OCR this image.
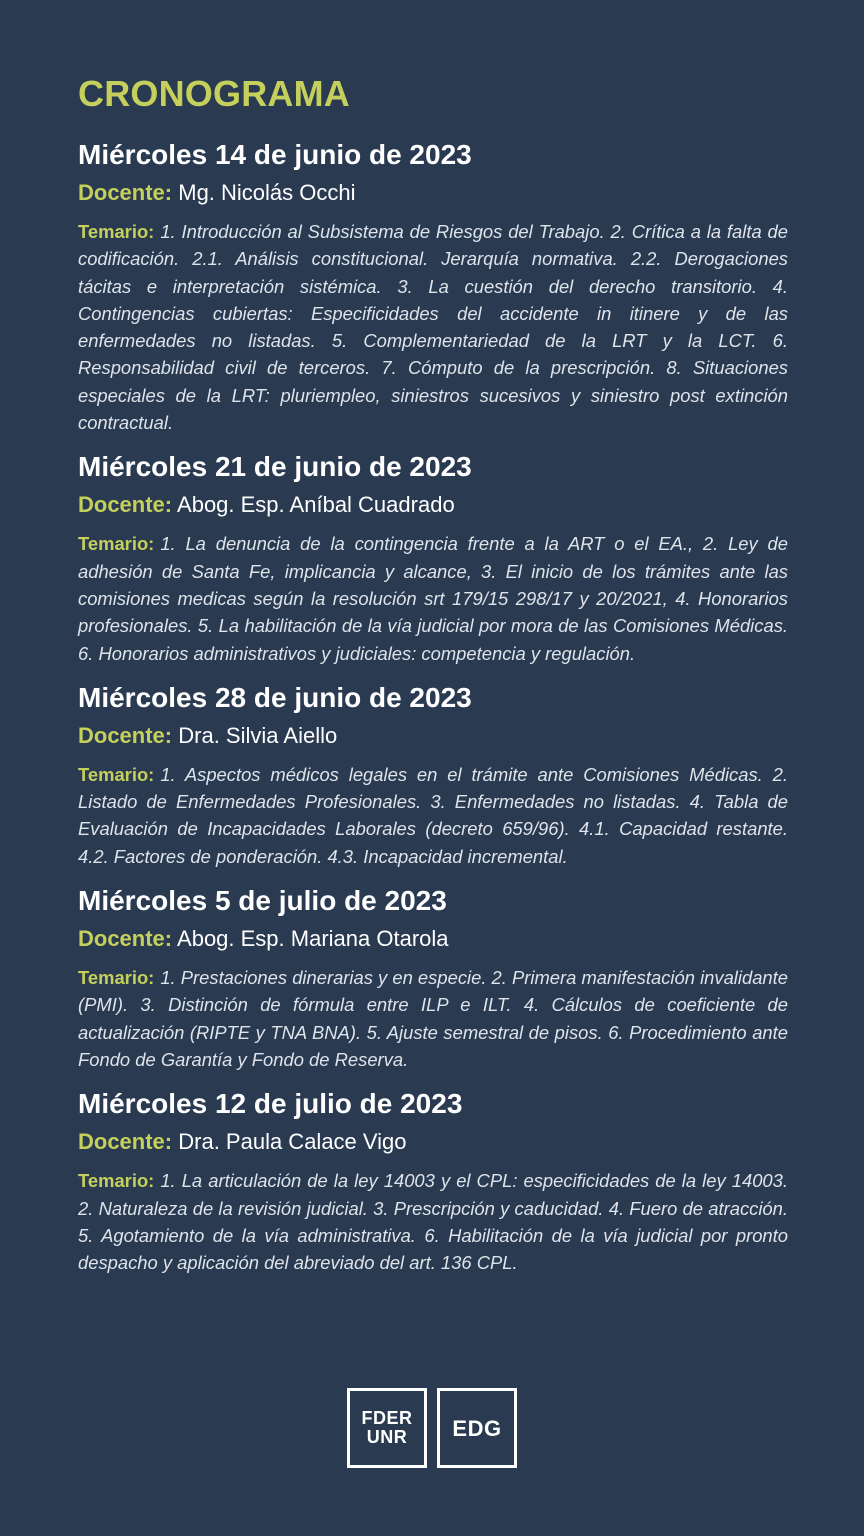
CRONOGRAMA
Miércoles 14 de junio de 2023
Docente: Mg. Nicolás Occhi

Temario: 1. Introducción al Subsistema de Riesgos del Trabajo. 2. Crítica a la falta de codificación. 2.1. Análisis constitucional. Jerarquía normativa. 2.2. Derogaciones tácitas e interpretación sistémica. 3. La cuestión del derecho transitorio. 4. Contingencias cubiertas: Especificidades del accidente in itinere y de las enfermedades no listadas. 5. Complementariedad de la LRT y la LCT. 6. Responsabilidad civil de terceros. 7. Cómputo de la prescripción. 8. Situaciones especiales de la LRT: pluriempleo, siniestros sucesivos y siniestro post extinción contractual.

Miércoles 21 de junio de 2023
Docente: Abog. Esp. Aníbal Cuadrado

Temario: 1. La denuncia de la contingencia frente a la ART o el EA., 2. Ley de adhesión de Santa Fe, implicancia y alcance, 3. El inicio de los trámites ante las comisiones medicas según la resolución srt 179/15 298/17 y 20/2021, 4. Honorarios profesionales. 5. La habilitación de la vía judicial por mora de las Comisiones Médicas. 6. Honorarios administrativos y judiciales: competencia y regulación.

Miércoles 28 de junio de 2023
Docente: Dra. Silvia Aiello

Temario: 1. Aspectos médicos legales en el trámite ante Comisiones Médicas. 2. Listado de Enfermedades Profesionales. 3. Enfermedades no listadas. 4. Tabla de Evaluación de Incapacidades Laborales (decreto 659/96). 4.1. Capacidad restante. 4.2. Factores de ponderación. 4.3. Incapacidad incremental.

Miércoles 5 de julio de 2023
Docente: Abog. Esp. Mariana Otarola

Temario: 1. Prestaciones dinerarias y en especie. 2. Primera manifestación invalidante (PMI). 3. Distinción de fórmula entre ILP e ILT. 4. Cálculos de coeficiente de actualización (RIPTE y TNA BNA). 5. Ajuste semestral de pisos. 6. Procedimiento ante Fondo de Garantía y Fondo de Reserva.

Miércoles 12 de julio de 2023
Docente: Dra. Paula Calace Vigo

Temario: 1. La articulación de la ley 14003 y el CPL: especificidades de la ley 14003. 2. Naturaleza de la revisión judicial. 3. Prescripción y caducidad. 4. Fuero de atracción. 5. Agotamiento de la vía administrativa. 6. Habilitación de la vía judicial por pronto despacho y aplicación del abreviado del art. 136 CPL.

FDER
UNR EDG
